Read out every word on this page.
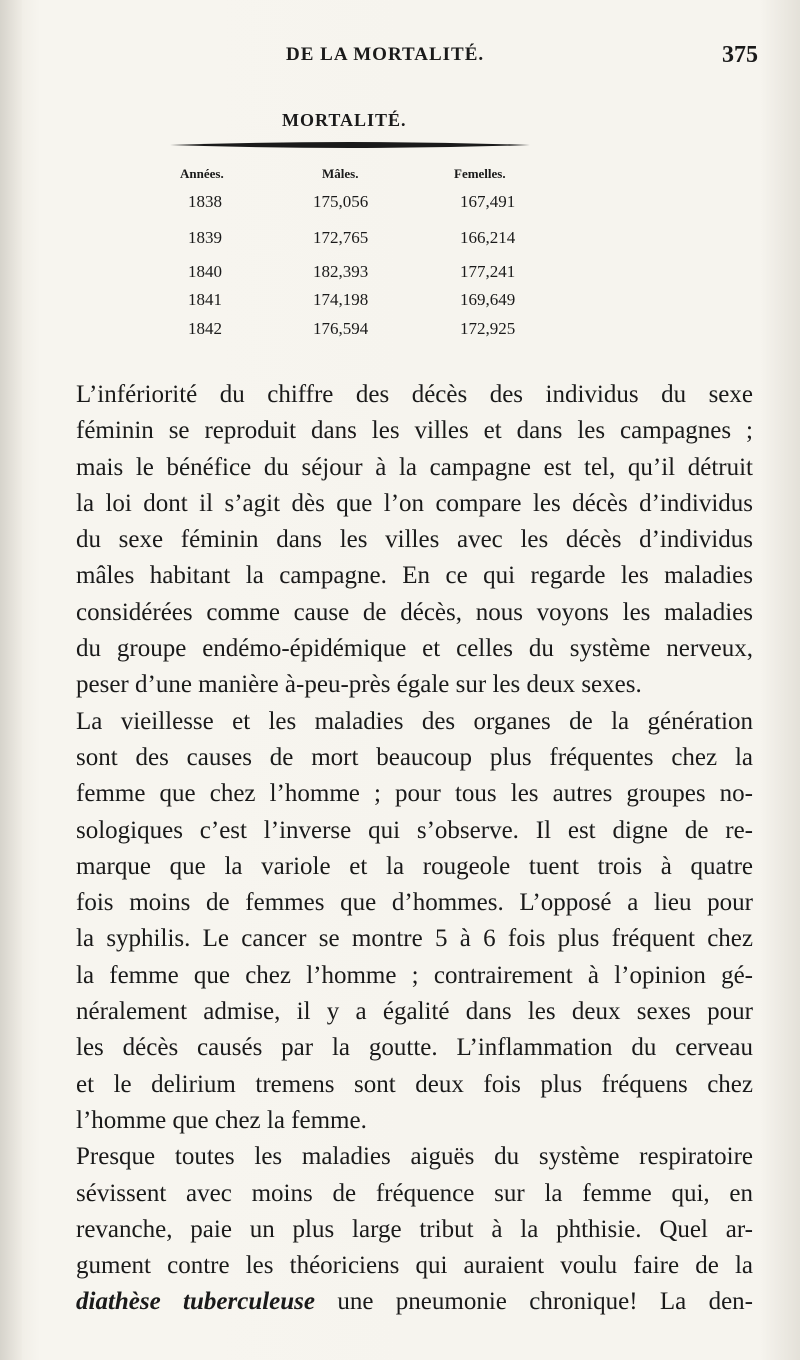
DE LA MORTALITÉ.	375
MORTALITÉ.
Années.	Mâles.	Femelles.
1838	175,056	167,491
1839	172,765	166,214
1840	182,393	177,241
1841	174,198	169,649
1842	176,594	172,925

L’infériorité du chiffre des décès des individus du sexe
féminin se reproduit dans les villes et dans les campagnes ;
mais le bénéfice du séjour à la campagne est tel, qu’il détruit
la loi dont il s’agit dès que l’on compare les décès d’individus
du sexe féminin dans les villes avec les décès d’individus
mâles habitant la campagne. En ce qui regarde les maladies
considérées comme cause de décès, nous voyons les maladies
du groupe endémo-épidémique et celles du système nerveux,
peser d’une manière à-peu-près égale sur les deux sexes.

La vieillesse et les maladies des organes de la génération
sont des causes de mort beaucoup plus fréquentes chez la
femme que chez l’homme ; pour tous les autres groupes no-
sologiques c’est l’inverse qui s’observe. Il est digne de re-
marque que la variole et la rougeole tuent trois à quatre
fois moins de femmes que d’hommes. L’opposé a lieu pour
la syphilis. Le cancer se montre 5 à 6 fois plus fréquent chez
la femme que chez l’homme ; contrairement à l’opinion gé-
néralement admise, il y a égalité dans les deux sexes pour
les décès causés par la goutte. L’inflammation du cerveau
et le delirium tremens sont deux fois plus fréquens chez
l’homme que chez la femme.

Presque toutes les maladies aiguës du système respiratoire
sévissent avec moins de fréquence sur la femme qui, en
revanche, paie un plus large tribut à la phthisie. Quel ar-
gument contre les théoriciens qui auraient voulu faire de la
diathèse tuberculeuse une pneumonie chronique! La den-
